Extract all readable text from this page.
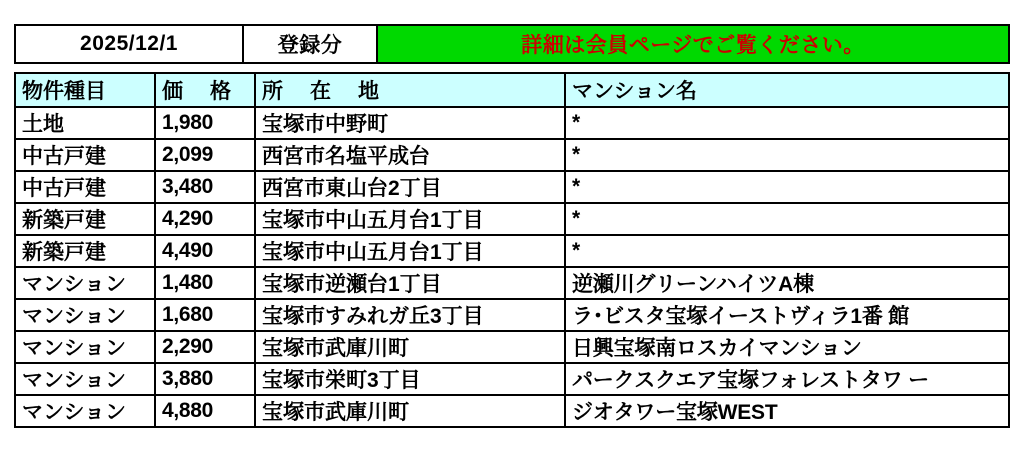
2025/12/1	登録分	詳細は会員ページでご覧ください。
物件種目	価　格	所　在　地	マンション名
土地	1,980	宝塚市中野町	*
中古戸建	2,099	西宮市名塩平成台	*
中古戸建	3,480	西宮市東山台2丁目	*
新築戸建	4,290	宝塚市中山五月台1丁目	*
新築戸建	4,490	宝塚市中山五月台1丁目	*
マンション	1,480	宝塚市逆瀬台1丁目	逆瀬川グリーンハイツA棟
マンション	1,680	宝塚市すみれガ丘3丁目	ラ･ビスタ宝塚イーストヴィラ1番 館
マンション	2,290	宝塚市武庫川町	日興宝塚南ロスカイマンション
マンション	3,880	宝塚市栄町3丁目	パークスクエア宝塚フォレストタワ ー
マンション	4,880	宝塚市武庫川町	ジオタワー宝塚WEST
